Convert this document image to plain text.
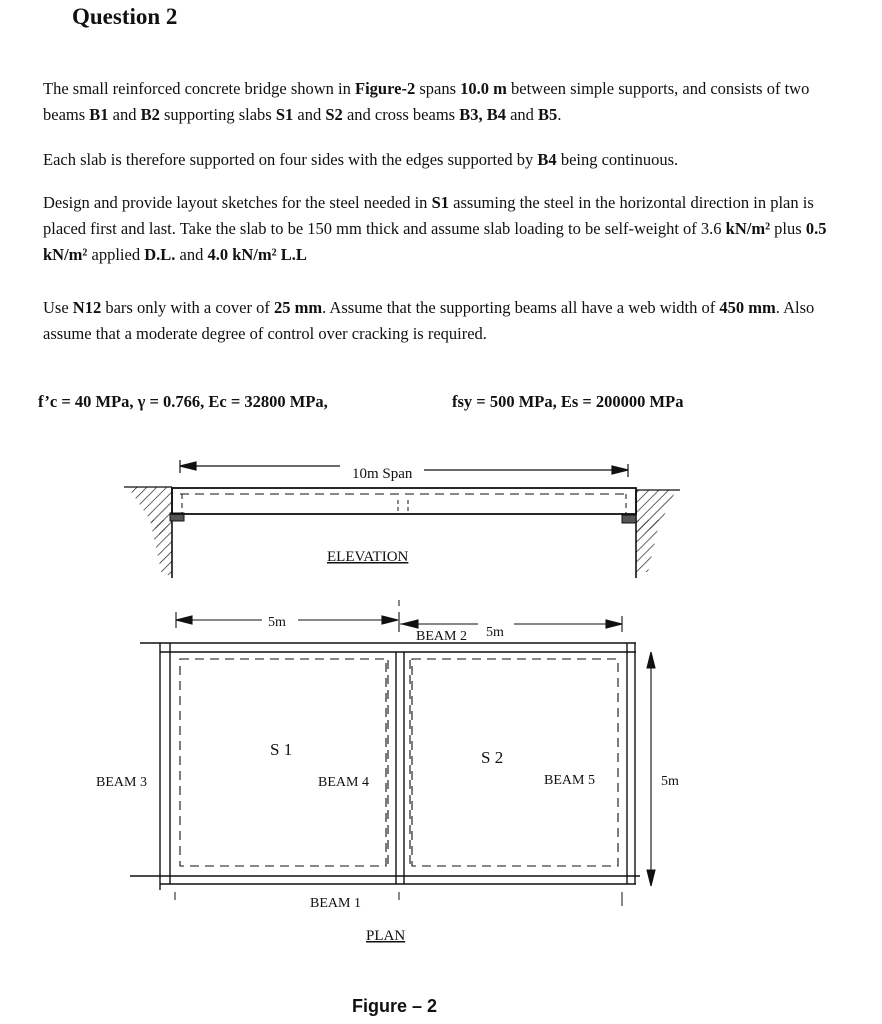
Question 2
The small reinforced concrete bridge shown in Figure-2 spans 10.0 m between simple supports, and consists of two beams B1 and B2 supporting slabs S1 and S2 and cross beams B3, B4 and B5.
Each slab is therefore supported on four sides with the edges supported by B4 being continuous.
Design and provide layout sketches for the steel needed in S1 assuming the steel in the horizontal direction in plan is placed first and last. Take the slab to be 150 mm thick and assume slab loading to be self-weight of 3.6 kN/m² plus 0.5 kN/m² applied D.L. and 4.0 kN/m² L.L
Use N12 bars only with a cover of 25 mm. Assume that the supporting beams all have a web width of 450 mm. Also assume that a moderate degree of control over cracking is required.
f’c = 40 MPa, γ = 0.766, Ec = 32800 MPa,	fsy = 500 MPa, Es = 200000 MPa
10m Span
ELEVATION
5m
5m
5m
BEAM 2
BEAM 3	BEAM 4	BEAM 5
BEAM 1
S 1	S 2
PLAN
Figure – 2
